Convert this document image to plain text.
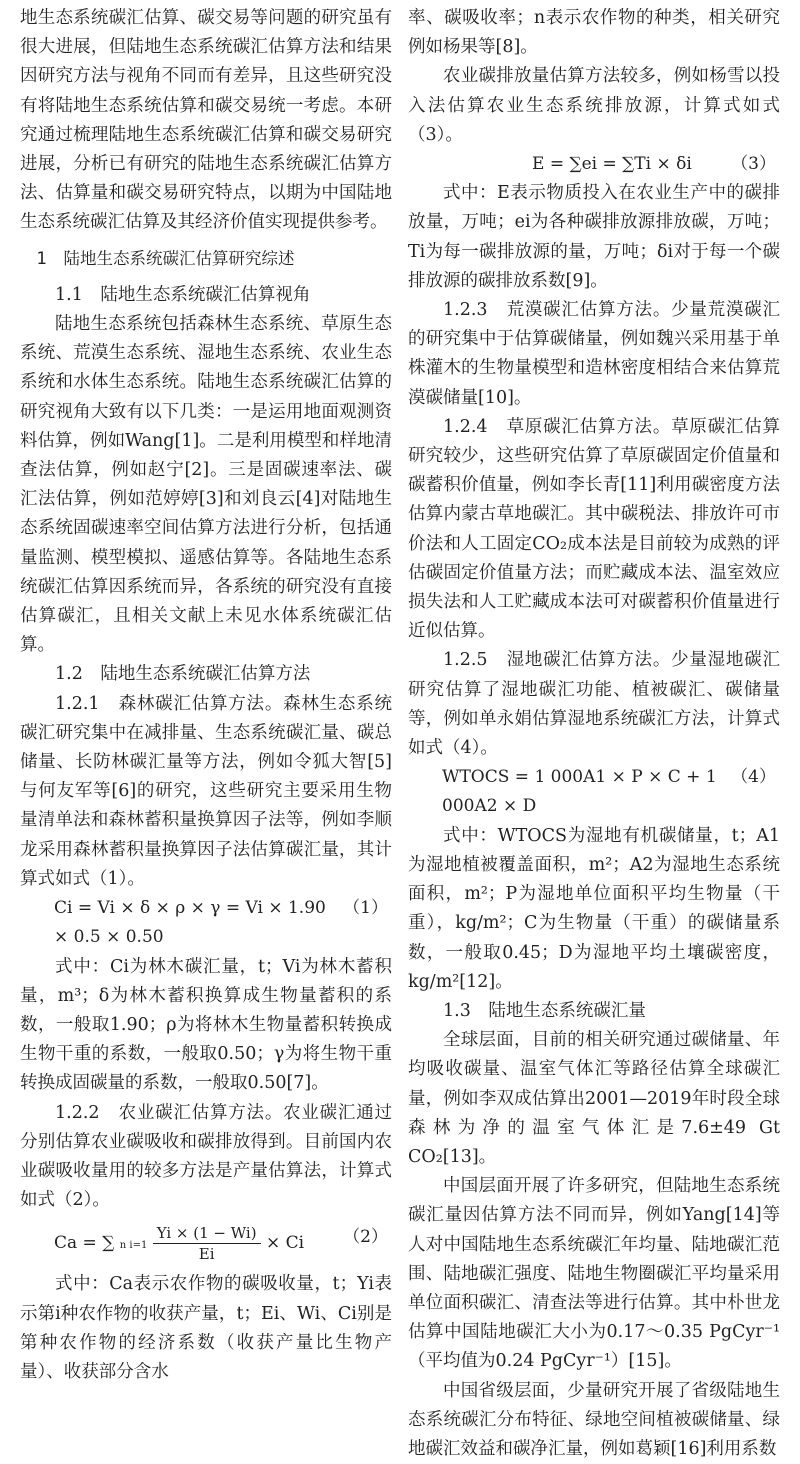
地生态系统碳汇估算、碳交易等问题的研究虽有很大进展，但陆地生态系统碳汇估算方法和结果因研究方法与视角不同而有差异，且这些研究没有将陆地生态系统估算和碳交易统一考虑。本研究通过梳理陆地生态系统碳汇估算和碳交易研究进展，分析已有研究的陆地生态系统碳汇估算方法、估算量和碳交易研究特点，以期为中国陆地生态系统碳汇估算及其经济价值实现提供参考。

1　陆地生态系统碳汇估算研究综述
1.1　陆地生态系统碳汇估算视角

陆地生态系统包括森林生态系统、草原生态系统、荒漠生态系统、湿地生态系统、农业生态系统和水体生态系统。陆地生态系统碳汇估算的研究视角大致有以下几类：一是运用地面观测资料估算，例如Wang[1]。二是利用模型和样地清查法估算，例如赵宁[2]。三是固碳速率法、碳汇法估算，例如范婷婷[3]和刘良云[4]对陆地生态系统固碳速率空间估算方法进行分析，包括通量监测、模型模拟、遥感估算等。各陆地生态系统碳汇估算因系统而异，各系统的研究没有直接估算碳汇，且相关文献上未见水体系统碳汇估算。

1.2　陆地生态系统碳汇估算方法

1.2.1　森林碳汇估算方法。森林生态系统碳汇研究集中在减排量、生态系统碳汇量、碳总储量、长防林碳汇量等方法，例如令狐大智[5]与何友军等[6]的研究，这些研究主要采用生物量清单法和森林蓄积量换算因子法等，例如李顺龙采用森林蓄积量换算因子法估算碳汇量，其计算式如式（1）。

Ci = Vi × δ × ρ × γ = Vi × 1.90 × 0.5 × 0.50
（1）

式中：Ci为林木碳汇量，t；Vi为林木蓄积量，m³；δ为林木蓄积换算成生物量蓄积的系数，一般取1.90；ρ为将林木生物量蓄积转换成生物干重的系数，一般取0.50；γ为将生物干重转换成固碳量的系数，一般取0.50[7]。

1.2.2　农业碳汇估算方法。农业碳汇通过分别估算农业碳吸收和碳排放得到。目前国内农业碳吸收量用的较多方法是产量估算法，计算式如式（2）。

Ca = ∑ n $i=1 \frac{Yi \times (1 - Wi)}{Ei} \times Ci$ （2）

式中：Ca表示农作物的碳吸收量，t；Yi表示第i种农作物的收获产量，t；Ei、Wi、Ci别是第种农作物的经济系数（收获产量比生物产量）、收获部分含水

率、碳吸收率；n表示农作物的种类，相关研究例如杨果等[8]。

农业碳排放量估算方法较多，例如杨雪以投入法估算农业生态系统排放源，计算式如式（3）。

E = ∑ei = ∑Ti × δi （3）

式中：E表示物质投入在农业生产中的碳排放量，万吨；ei为各种碳排放源排放碳，万吨；Ti为每一碳排放源的量，万吨；δi对于每一个碳排放源的碳排放系数[9]。

1.2.3　荒漠碳汇估算方法。少量荒漠碳汇的研究集中于估算碳储量，例如魏兴采用基于单株灌木的生物量模型和造林密度相结合来估算荒漠碳储量[10]。

1.2.4　草原碳汇估算方法。草原碳汇估算研究较少，这些研究估算了草原碳固定价值量和碳蓄积价值量，例如李长青[11]利用碳密度方法估算内蒙古草地碳汇。其中碳税法、排放许可市价法和人工固定CO₂成本法是目前较为成熟的评估碳固定价值量方法；而贮藏成本法、温室效应损失法和人工贮藏成本法可对碳蓄积价值量进行近似估算。

1.2.5　湿地碳汇估算方法。少量湿地碳汇研究估算了湿地碳汇功能、植被碳汇、碳储量等，例如单永娟估算湿地系统碳汇方法，计算式如式（4）。

WTOCS = 1 000A1 × P × C + 1 000A2 × D
（4）

式中：WTOCS为湿地有机碳储量，t；A1为湿地植被覆盖面积，m²；A2为湿地生态系统面积，m²；P为湿地单位面积平均生物量（干重），kg/m²；C为生物量（干重）的碳储量系数，一般取0.45；D为湿地平均土壤碳密度，kg/m²[12]。

1.3　陆地生态系统碳汇量

全球层面，目前的相关研究通过碳储量、年均吸收碳量、温室气体汇等路径估算全球碳汇量，例如李双成估算出2001—2019年时段全球森林为净的温室气体汇是7.6±49 Gt CO₂[13]。

中国层面开展了许多研究，但陆地生态系统碳汇量因估算方法不同而异，例如Yang[14]等人对中国陆地生态系统碳汇年均量、陆地碳汇范围、陆地碳汇强度、陆地生物圈碳汇平均量采用单位面积碳汇、清查法等进行估算。其中朴世龙估算中国陆地碳汇大小为0.17～0.35 PgCyr⁻¹（平均值为0.24 PgCyr⁻¹）[15]。

中国省级层面，少量研究开展了省级陆地生态系统碳汇分布特征、绿地空间植被碳储量、绿地碳汇效益和碳净汇量，例如葛颖[16]利用系数
